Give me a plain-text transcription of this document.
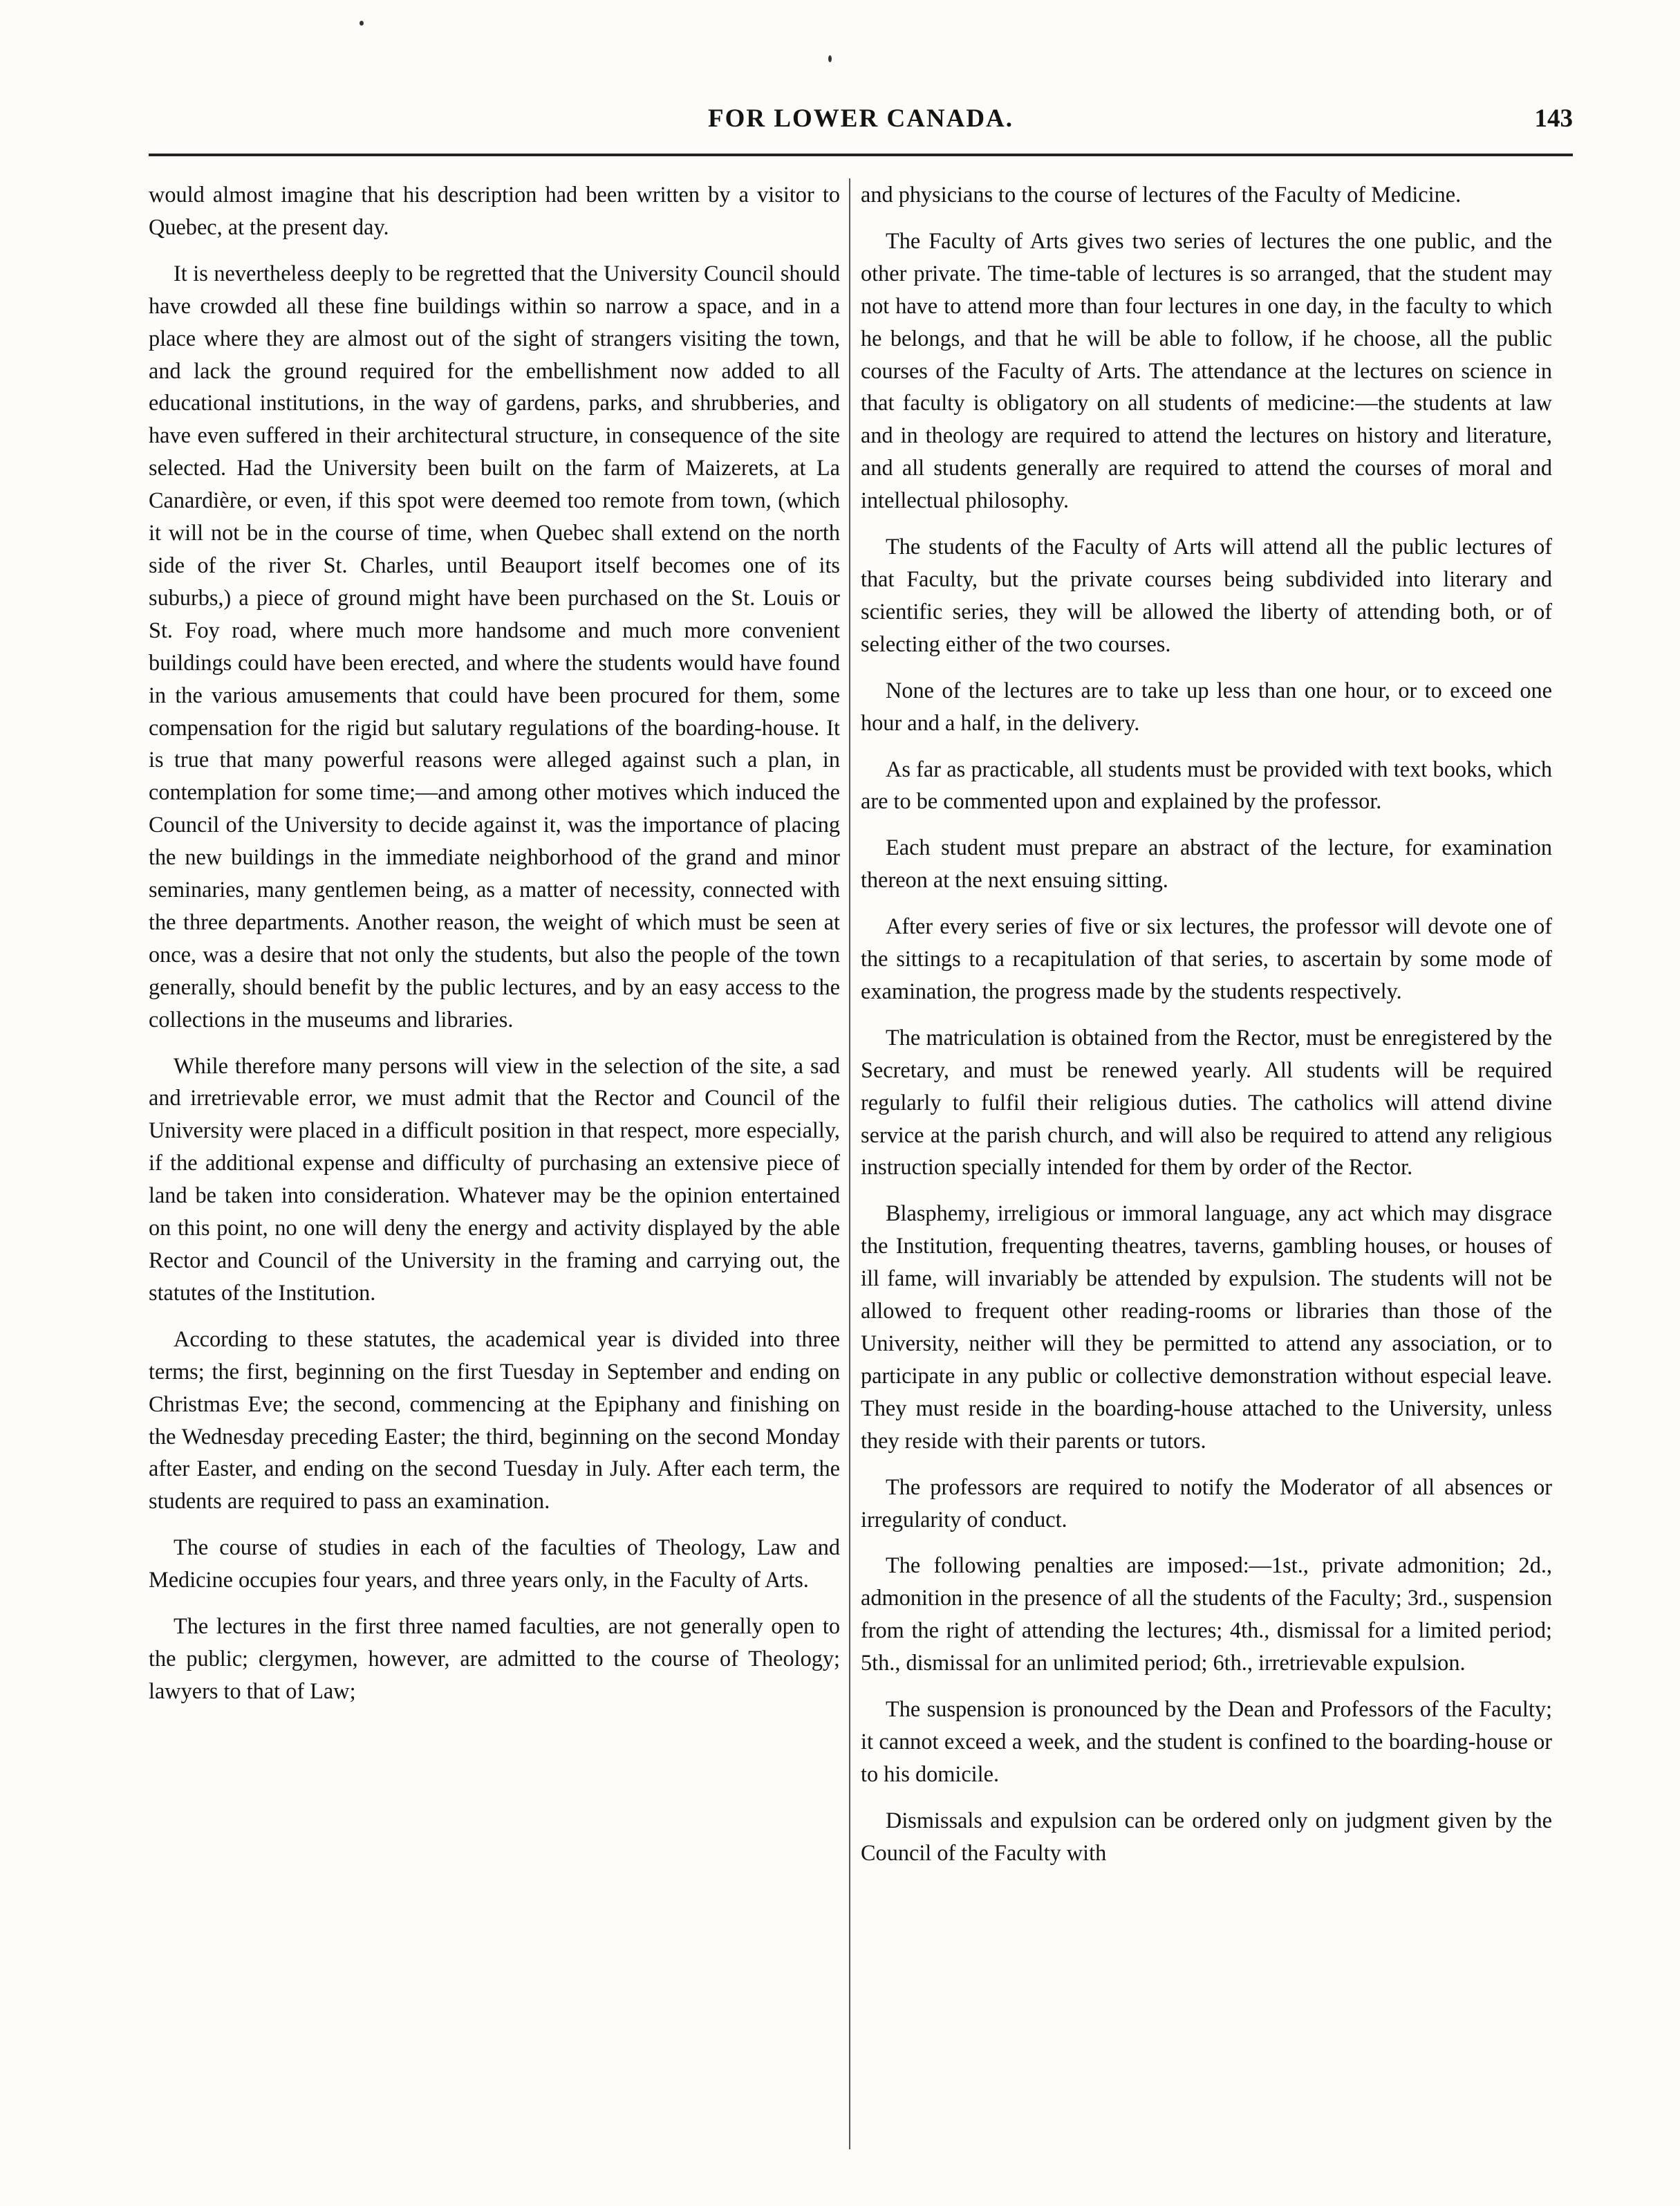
FOR LOWER CANADA.	143

would almost imagine that his description had been written by a visitor to Quebec, at the present day.

It is nevertheless deeply to be regretted that the University Council should have crowded all these fine buildings within so narrow a space, and in a place where they are almost out of the sight of strangers visiting the town, and lack the ground required for the embellishment now added to all educational institutions, in the way of gardens, parks, and shrubberies, and have even suffered in their architectural structure, in consequence of the site selected. Had the University been built on the farm of Maizerets, at La Canardière, or even, if this spot were deemed too remote from town, (which it will not be in the course of time, when Quebec shall extend on the north side of the river St. Charles, until Beauport itself becomes one of its suburbs,) a piece of ground might have been purchased on the St. Louis or St. Foy road, where much more handsome and much more convenient buildings could have been erected, and where the students would have found in the various amusements that could have been procured for them, some compensation for the rigid but salutary regulations of the boarding-house. It is true that many powerful reasons were alleged against such a plan, in contemplation for some time;—and among other motives which induced the Council of the University to decide against it, was the importance of placing the new buildings in the immediate neighborhood of the grand and minor seminaries, many gentlemen being, as a matter of necessity, connected with the three departments. Another reason, the weight of which must be seen at once, was a desire that not only the students, but also the people of the town generally, should benefit by the public lectures, and by an easy access to the collections in the museums and libraries.

While therefore many persons will view in the selection of the site, a sad and irretrievable error, we must admit that the Rector and Council of the University were placed in a difficult position in that respect, more especially, if the additional expense and difficulty of purchasing an extensive piece of land be taken into consideration. Whatever may be the opinion entertained on this point, no one will deny the energy and activity displayed by the able Rector and Council of the University in the framing and carrying out, the statutes of the Institution.

According to these statutes, the academical year is divided into three terms; the first, beginning on the first Tuesday in September and ending on Christmas Eve; the second, commencing at the Epiphany and finishing on the Wednesday preceding Easter; the third, beginning on the second Monday after Easter, and ending on the second Tuesday in July. After each term, the students are required to pass an examination.

The course of studies in each of the faculties of Theology, Law and Medicine occupies four years, and three years only, in the Faculty of Arts.

The lectures in the first three named faculties, are not generally open to the public; clergymen, however, are admitted to the course of Theology; lawyers to that of Law;

and physicians to the course of lectures of the Faculty of Medicine.

The Faculty of Arts gives two series of lectures the one public, and the other private. The time-table of lectures is so arranged, that the student may not have to attend more than four lectures in one day, in the faculty to which he belongs, and that he will be able to follow, if he choose, all the public courses of the Faculty of Arts. The attendance at the lectures on science in that faculty is obligatory on all students of medicine:—the students at law and in theology are required to attend the lectures on history and literature, and all students generally are required to attend the courses of moral and intellectual philosophy.

The students of the Faculty of Arts will attend all the public lectures of that Faculty, but the private courses being subdivided into literary and scientific series, they will be allowed the liberty of attending both, or of selecting either of the two courses.

None of the lectures are to take up less than one hour, or to exceed one hour and a half, in the delivery.

As far as practicable, all students must be provided with text books, which are to be commented upon and explained by the professor.

Each student must prepare an abstract of the lecture, for examination thereon at the next ensuing sitting.

After every series of five or six lectures, the professor will devote one of the sittings to a recapitulation of that series, to ascertain by some mode of examination, the progress made by the students respectively.

The matriculation is obtained from the Rector, must be enregistered by the Secretary, and must be renewed yearly. All students will be required regularly to fulfil their religious duties. The catholics will attend divine service at the parish church, and will also be required to attend any religious instruction specially intended for them by order of the Rector.

Blasphemy, irreligious or immoral language, any act which may disgrace the Institution, frequenting theatres, taverns, gambling houses, or houses of ill fame, will invariably be attended by expulsion. The students will not be allowed to frequent other reading-rooms or libraries than those of the University, neither will they be permitted to attend any association, or to participate in any public or collective demonstration without especial leave. They must reside in the boarding-house attached to the University, unless they reside with their parents or tutors.

The professors are required to notify the Moderator of all absences or irregularity of conduct.

The following penalties are imposed:—1st., private admonition; 2d., admonition in the presence of all the students of the Faculty; 3rd., suspension from the right of attending the lectures; 4th., dismissal for a limited period; 5th., dismissal for an unlimited period; 6th., irretrievable expulsion.

The suspension is pronounced by the Dean and Professors of the Faculty; it cannot exceed a week, and the student is confined to the boarding-house or to his domicile.

Dismissals and expulsion can be ordered only on judgment given by the Council of the Faculty with
